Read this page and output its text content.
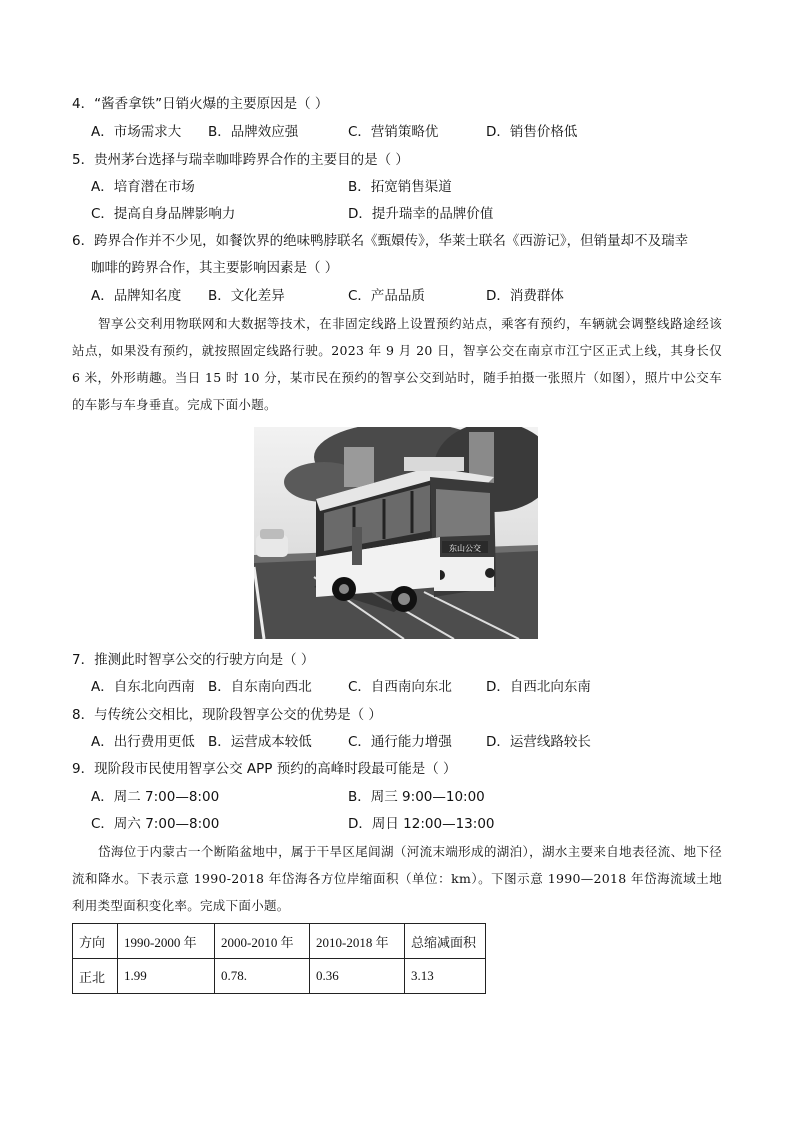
4．“酱香拿铁”日销火爆的主要原因是（ ）
A．市场需求大 B．品牌效应强	C．营销策略优	D．销售价格低
5．贵州茅台选择与瑞幸咖啡跨界合作的主要目的是（ ）
A．培育潜在市场	B．拓宽销售渠道
C．提高自身品牌影响力	D．提升瑞幸的品牌价值
6．跨界合作并不少见，如餐饮界的绝味鸭脖联名《甄嬛传》，华莱士联名《西游记》，但销量却不及瑞幸
咖啡的跨界合作，其主要影响因素是（ ）
A．品牌知名度 B．文化差异	C．产品品质	D．消费群体

智享公交利用物联网和大数据等技术，在非固定线路上设置预约站点，乘客有预约，车辆就会调整线路途经该站点，如果没有预约，就按照固定线路行驶。2023 年 9 月 20 日，智享公交在南京市江宁区正式上线，其身长仅 6 米，外形萌趣。当日 15 时 10 分，某市民在预约的智享公交到站时，随手拍摄一张照片（如图），照片中公交车的车影与车身垂直。完成下面小题。

东山公交
7．推测此时智享公交的行驶方向是（ ）
A．自东北向西南 B．自东南向西北	C．自西南向东北	D．自西北向东南
8．与传统公交相比，现阶段智享公交的优势是（ ）
A．出行费用更低 B．运营成本较低	C．通行能力增强	D．运营线路较长
9．现阶段市民使用智享公交 APP 预约的高峰时段最可能是（ ）
A．周二 7:00—8:00	B．周三 9:00—10:00
C．周六 7:00—8:00	D．周日 12:00—13:00

岱海位于内蒙古一个断陷盆地中，属于干旱区尾闾湖（河流末端形成的湖泊），湖水主要来自地表径流、地下径流和降水。下表示意 1990-2018 年岱海各方位岸缩面积（单位：km）。下图示意 1990—2018 年岱海流域土地利用类型面积变化率。完成下面小题。

方向	1990-2000 年	2000-2010 年	2010-2018 年	总缩减面积
正北	1.99	0.78.	0.36	3.13
